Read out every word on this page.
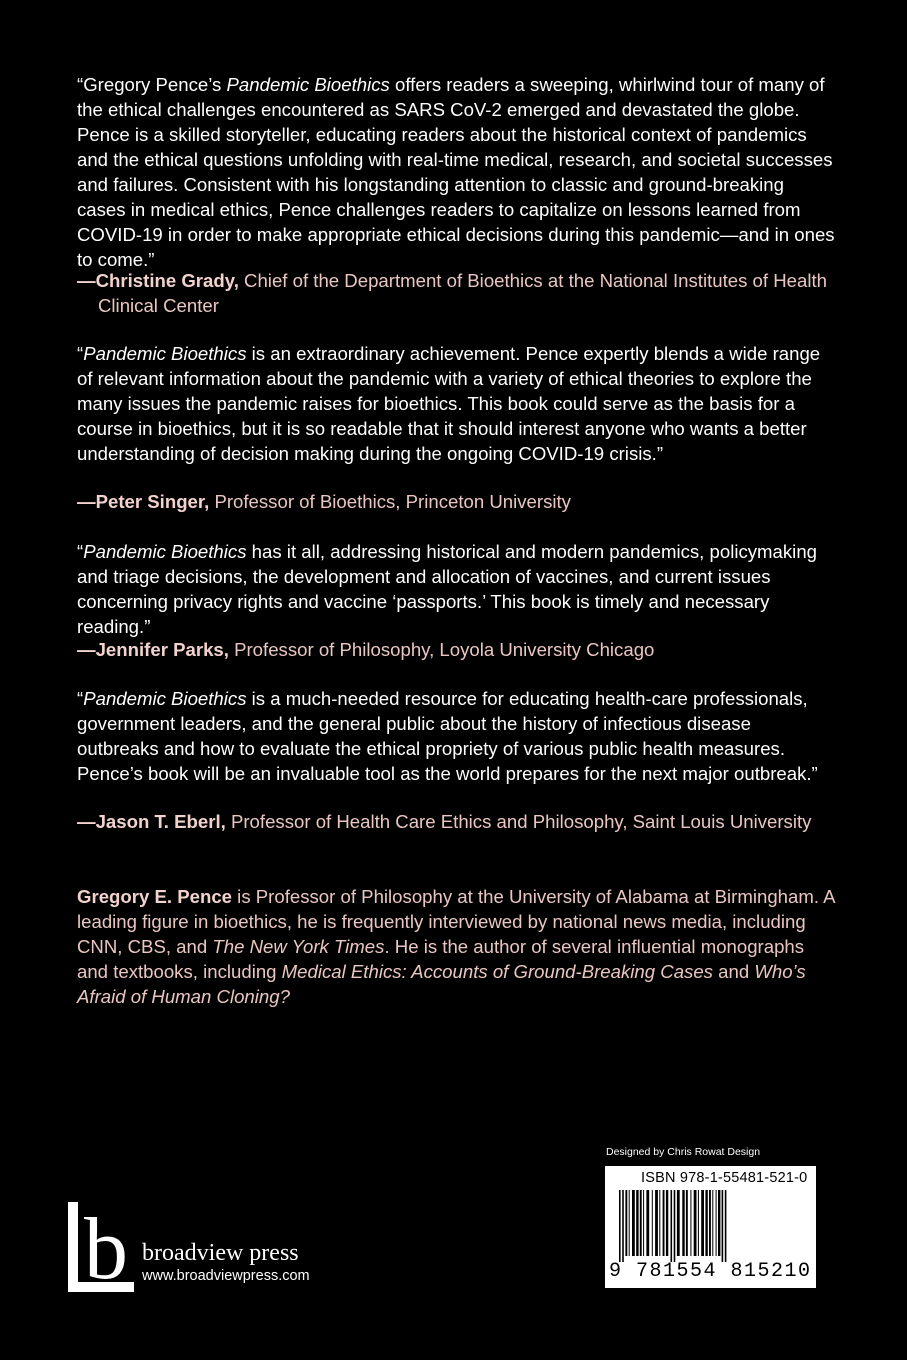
“Gregory Pence’s Pandemic Bioethics offers readers a sweeping, whirlwind tour of many of the ethical challenges encountered as SARS CoV-2 emerged and devastated the globe. Pence is a skilled storyteller, educating readers about the historical context of pandemics and the ethical questions unfolding with real-time medical, research, and societal successes and failures. Consistent with his longstanding attention to classic and ground-breaking cases in medical ethics, Pence challenges readers to capitalize on lessons learned from COVID-19 in order to make appropriate ethical decisions during this pandemic—and in ones to come.”

—Christine Grady, Chief of the Department of Bioethics at the National Institutes of Health Clinical Center

“Pandemic Bioethics is an extraordinary achievement. Pence expertly blends a wide range of relevant information about the pandemic with a variety of ethical theories to explore the many issues the pandemic raises for bioethics. This book could serve as the basis for a course in bioethics, but it is so readable that it should interest anyone who wants a better understanding of decision making during the ongoing COVID-19 crisis.”

—Peter Singer, Professor of Bioethics, Princeton University

“Pandemic Bioethics has it all, addressing historical and modern pandemics, policymaking and triage decisions, the development and allocation of vaccines, and current issues concerning privacy rights and vaccine ‘passports.’ This book is timely and necessary reading.”

—Jennifer Parks, Professor of Philosophy, Loyola University Chicago

“Pandemic Bioethics is a much-needed resource for educating health-care professionals, government leaders, and the general public about the history of infectious disease outbreaks and how to evaluate the ethical propriety of various public health measures. Pence’s book will be an invaluable tool as the world prepares for the next major outbreak.”

—Jason T. Eberl, Professor of Health Care Ethics and Philosophy, Saint Louis University

Gregory E. Pence is Professor of Philosophy at the University of Alabama at Birmingham. A leading figure in bioethics, he is frequently interviewed by national news media, including CNN, CBS, and The New York Times. He is the author of several influential monographs and textbooks, including Medical Ethics: Accounts of Ground-Breaking Cases and Who’s Afraid of Human Cloning?

Designed by Chris Rowat Design
ISBN 978-1-55481-521-0
9 781554 815210
b broadview press
www.broadviewpress.com
